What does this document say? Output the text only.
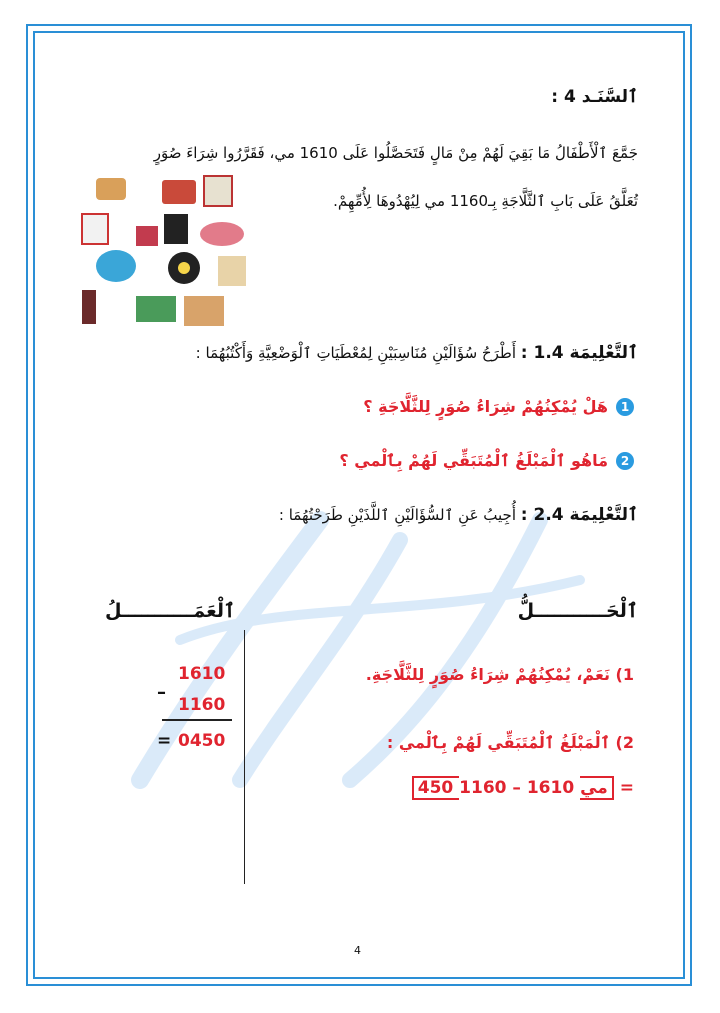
ٱلسَّنَـد 4 :
جَمَّعَ ٱلْأَطْفَالُ مَا بَقِيَ لَهُمْ مِنْ مَالٍ فَتَحَصَّلُوا عَلَى 1610 مي، فَقَرَّرُوا شِرَاءَ صُوَرٍ
تُعَلَّقُ عَلَى بَابِ ٱلثَّلَّاجَةِ بِـ1160 مي لِيُهْدُوهَا لِأُمِّهِمْ.
ٱلتَّعْلِيمَة 1.4 : أَطْرَحُ سُؤَالَيْنِ مُنَاسِبَيْنِ لِمُعْطَيَاتِ ٱلْوَضْعِيَّةِ وَأَكْتُبُهُمَا :
1
هَلْ يُمْكِنُهُمْ شِرَاءُ صُوَرٍ لِلثَّلَّاجَةِ ؟
2
مَاهُو ٱلْمَبْلَغُ ٱلْمُتَبَقِّي لَهُمْ بِٱلْمي ؟
ٱلتَّعْلِيمَة 2.4 : أُجِيبُ عَنِ ٱلسُّؤَالَيْنِ ٱللَّذَيْنِ طَرَحْتُهُمَا :
ٱلْحَـــــــــــلُّ
ٱلْعَمَـــــــــــلُ
1) نَعَمْ، يُمْكِنُهُمْ شِرَاءُ صُوَرٍ لِلثَّلَّاجَةِ.
2) ٱلْمَبْلَغُ ٱلْمُتَبَقِّي لَهُمْ بِٱلْمي :
450 مي 1610 – 1160 =
1610
–
1160
= 0450
4
